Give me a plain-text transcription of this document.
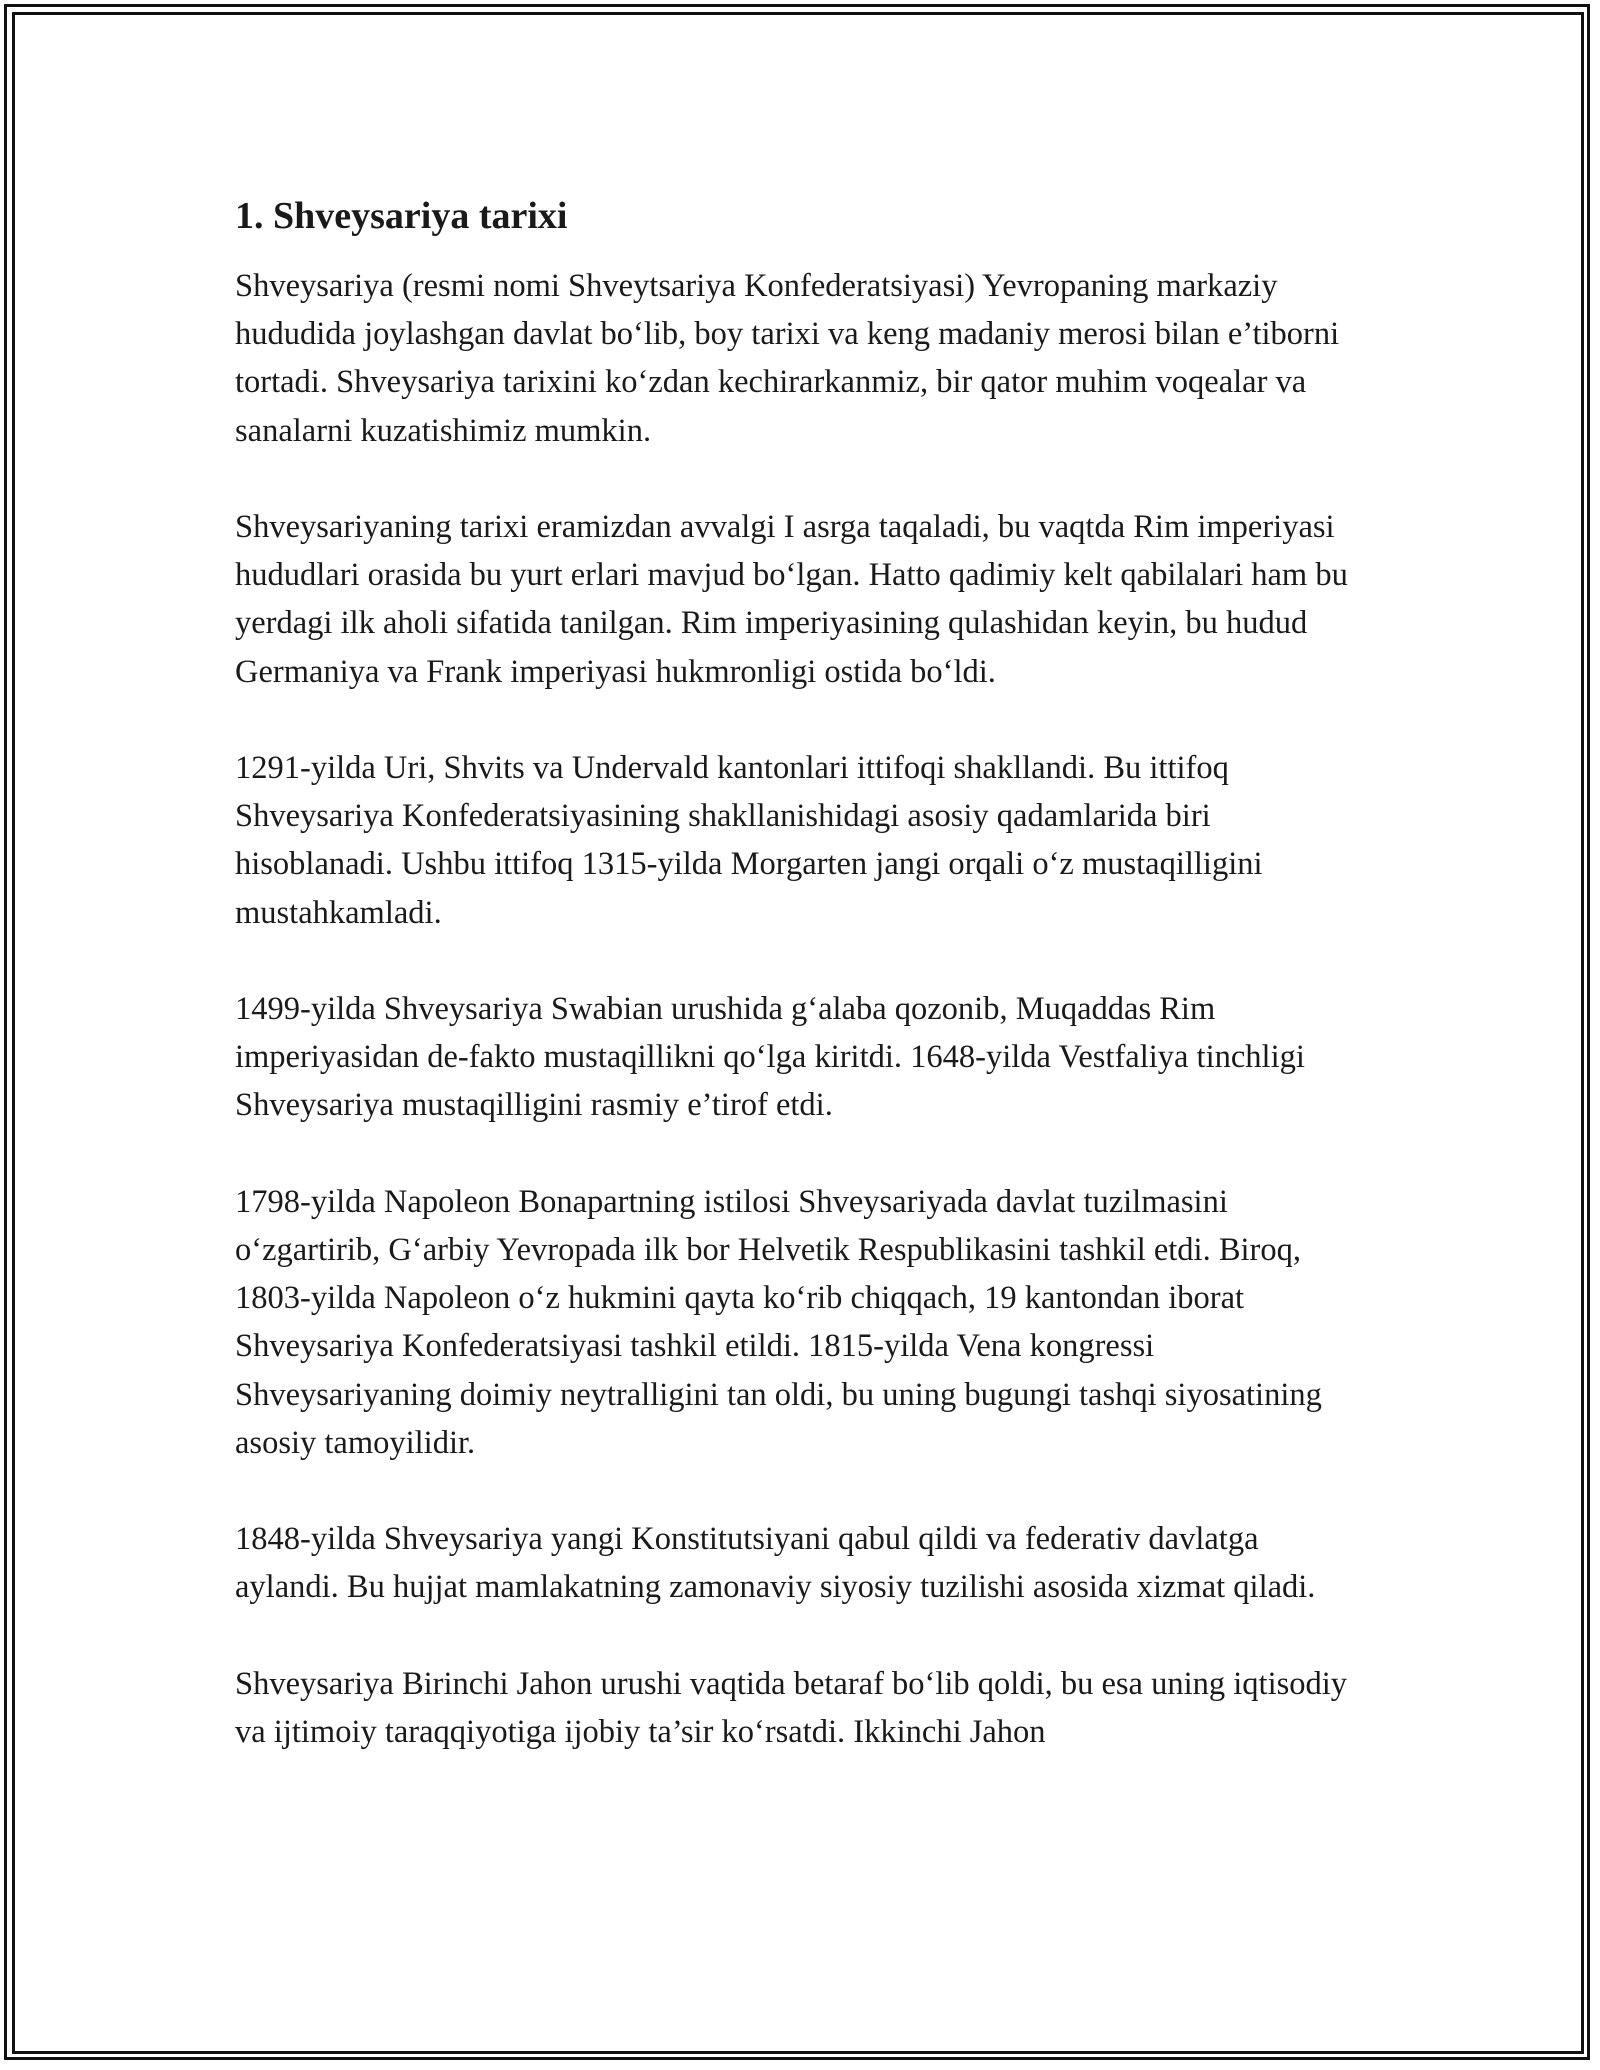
1. Shveysariya tarixi

Shveysariya (resmi nomi Shveytsariya Konfederatsiyasi) Yevropaning markaziy hududida joylashgan davlat bo‘lib, boy tarixi va keng madaniy merosi bilan e’tiborni tortadi. Shveysariya tarixini ko‘zdan kechirarkanmiz, bir qator muhim voqealar va sanalarni kuzatishimiz mumkin.

Shveysariyaning tarixi eramizdan avvalgi I asrga taqaladi, bu vaqtda Rim imperiyasi hududlari orasida bu yurt erlari mavjud bo‘lgan. Hatto qadimiy kelt qabilalari ham bu yerdagi ilk aholi sifatida tanilgan. Rim imperiyasining qulashidan keyin, bu hudud Germaniya va Frank imperiyasi hukmronligi ostida bo‘ldi.

1291-yilda Uri, Shvits va Undervald kantonlari ittifoqi shakllandi. Bu ittifoq Shveysariya Konfederatsiyasining shakllanishidagi asosiy qadamlarida biri hisoblanadi. Ushbu ittifoq 1315-yilda Morgarten jangi orqali o‘z mustaqilligini mustahkamladi.

1499-yilda Shveysariya Swabian urushida g‘alaba qozonib, Muqaddas Rim imperiyasidan de-fakto mustaqillikni qo‘lga kiritdi. 1648-yilda Vestfaliya tinchligi Shveysariya mustaqilligini rasmiy e’tirof etdi.

1798-yilda Napoleon Bonapartning istilosi Shveysariyada davlat tuzilmasini o‘zgartirib, G‘arbiy Yevropada ilk bor Helvetik Respublikasini tashkil etdi. Biroq, 1803-yilda Napoleon o‘z hukmini qayta ko‘rib chiqqach, 19 kantondan iborat Shveysariya Konfederatsiyasi tashkil etildi. 1815-yilda Vena kongressi Shveysariyaning doimiy neytralligini tan oldi, bu uning bugungi tashqi siyosatining asosiy tamoyilidir.

1848-yilda Shveysariya yangi Konstitutsiyani qabul qildi va federativ davlatga aylandi. Bu hujjat mamlakatning zamonaviy siyosiy tuzilishi asosida xizmat qiladi.

Shveysariya Birinchi Jahon urushi vaqtida betaraf bo‘lib qoldi, bu esa uning iqtisodiy va ijtimoiy taraqqiyotiga ijobiy ta’sir ko‘rsatdi. Ikkinchi Jahon
